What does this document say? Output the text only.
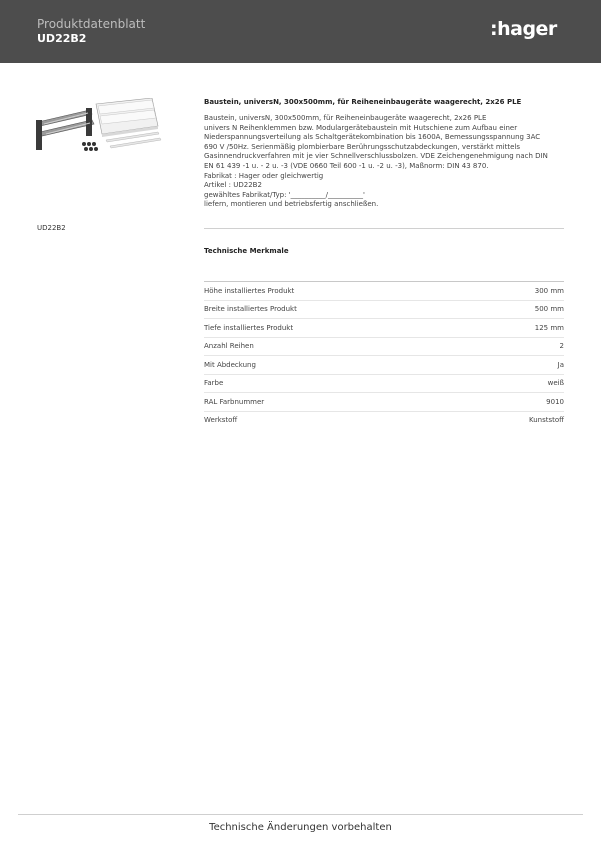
Produktdatenblatt
UD22B2	:hager
UD22B2
Baustein, universN, 300x500mm, für Reiheneinbaugeräte waagerecht, 2x26 PLE
Baustein, universN, 300x500mm, für Reiheneinbaugeräte waagerecht, 2x26 PLE
univers N Reihenklemmen bzw. Modulargerätebaustein mit Hutschiene zum Aufbau einer
Niederspannungsverteilung als Schaltgerätekombination bis 1600A, Bemessungsspannung 3AC
690 V /50Hz. Serienmäßig plombierbare Berührungsschutzabdeckungen, verstärkt mittels
Gasinnendruckverfahren mit je vier Schnellverschlussbolzen. VDE Zeichengenehmigung nach DIN
EN 61 439 -1 u. - 2 u. -3 (VDE 0660 Teil 600 -1 u. -2 u. -3), Maßnorm: DIN 43 870.
Fabrikat : Hager oder gleichwertig
Artikel : UD22B2
gewähltes Fabrikat/Typ: '__________/__________'
liefern, montieren und betriebsfertig anschließen.
Technische Merkmale
Höhe installiertes Produkt	300 mm
Breite installiertes Produkt	500 mm
Tiefe installiertes Produkt	125 mm
Anzahl Reihen	2
Mit Abdeckung	Ja
Farbe	weiß
RAL Farbnummer	9010
Werkstoff	Kunststoff
Technische Änderungen vorbehalten
